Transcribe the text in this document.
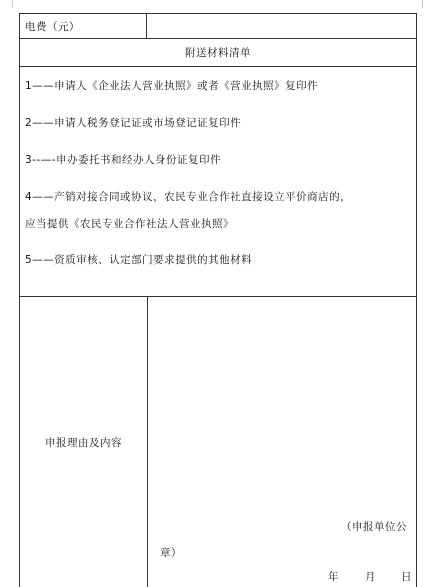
电费（元）
附送材料清单
1——申请人《企业法人营业执照》或者《营业执照》复印件
2——申请人税务登记证或市场登记证复印件
3--—-申办委托书和经办人身份证复印件
4——产销对接合同或协议，农民专业合作社直接设立平价商店的，
应当提供《农民专业合作社法人营业执照》
5——资质审核、认定部门要求提供的其他材料
申报理由及内容
（申报单位公
章）
年 月 日
